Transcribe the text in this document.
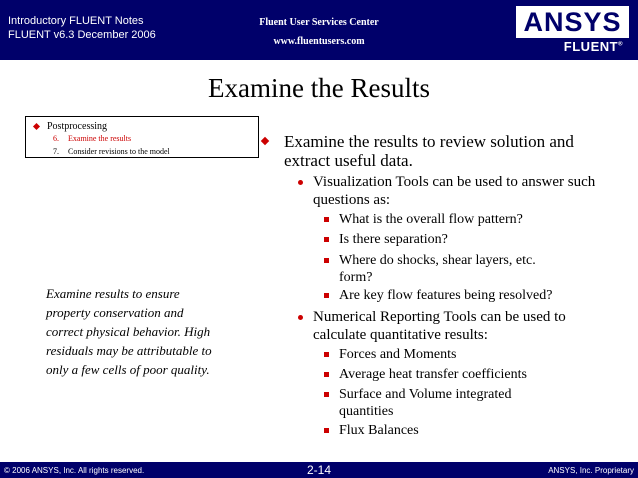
Introductory FLUENT Notes
FLUENT v6.3 December 2006
Fluent User Services Center
www.fluentusers.com
ANSYS
FLUENT®
Examine the Results
Postprocessing
6. Examine the results
7. Consider revisions to the model
Examine results to ensure property conservation and correct physical behavior. High residuals may be attributable to only a few cells of poor quality.
Examine the results to review solution and extract useful data.
Visualization Tools can be used to answer such questions as:
What is the overall flow pattern?
Is there separation?
Where do shocks, shear layers, etc. form?
Are key flow features being resolved?
Numerical Reporting Tools can be used to calculate quantitative results:
Forces and Moments
Average heat transfer coefficients
Surface and Volume integrated quantities
Flux Balances
© 2006 ANSYS, Inc. All rights reserved.	2-14	ANSYS, Inc. Proprietary
